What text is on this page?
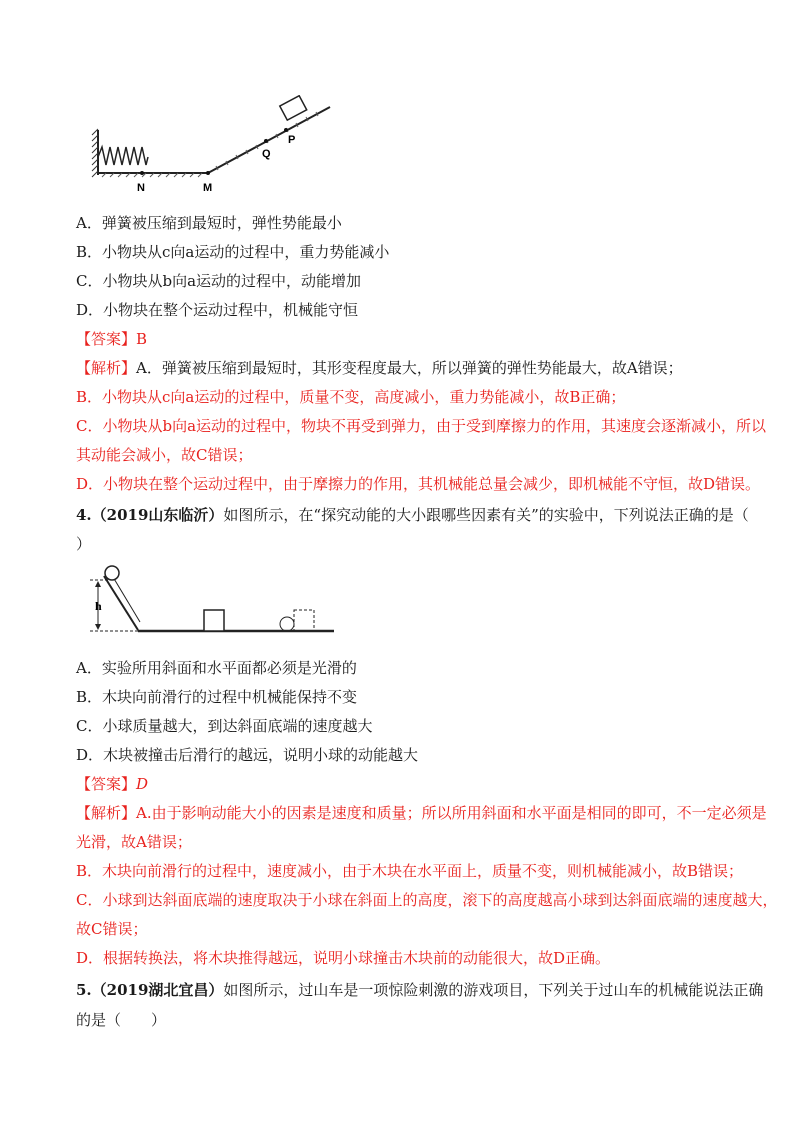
N	M
Q
P
A．弹簧被压缩到最短时，弹性势能最小
B．小物块从c向a运动的过程中，重力势能减小
C．小物块从b向a运动的过程中，动能增加
D．小物块在整个运动过程中，机械能守恒
【答案】B
【解析】A．弹簧被压缩到最短时，其形变程度最大，所以弹簧的弹性势能最大，故A错误；
B．小物块从c向a运动的过程中，质量不变，高度减小，重力势能减小，故B正确；
C．小物块从b向a运动的过程中，物块不再受到弹力，由于受到摩擦力的作用，其速度会逐渐减小，所以
其动能会减小，故C错误；
D．小物块在整个运动过程中，由于摩擦力的作用，其机械能总量会减少，即机械能不守恒，故D错误。
4.（2019山东临沂）如图所示，在“探究动能的大小跟哪些因素有关”的实验中，下列说法正确的是（
）
h
A．实验所用斜面和水平面都必须是光滑的
B．木块向前滑行的过程中机械能保持不变
C．小球质量越大，到达斜面底端的速度越大
D．木块被撞击后滑行的越远，说明小球的动能越大
【答案】D
【解析】A.由于影响动能大小的因素是速度和质量；所以所用斜面和水平面是相同的即可，不一定必须是
光滑，故A错误；
B．木块向前滑行的过程中，速度减小，由于木块在水平面上，质量不变，则机械能减小，故B错误；
C．小球到达斜面底端的速度取决于小球在斜面上的高度，滚下的高度越高小球到达斜面底端的速度越大，
故C错误；
D．根据转换法，将木块推得越远，说明小球撞击木块前的动能很大，故D正确。
5.（2019湖北宜昌）如图所示，过山车是一项惊险刺激的游戏项目，下列关于过山车的机械能说法正确
的是（　　）
